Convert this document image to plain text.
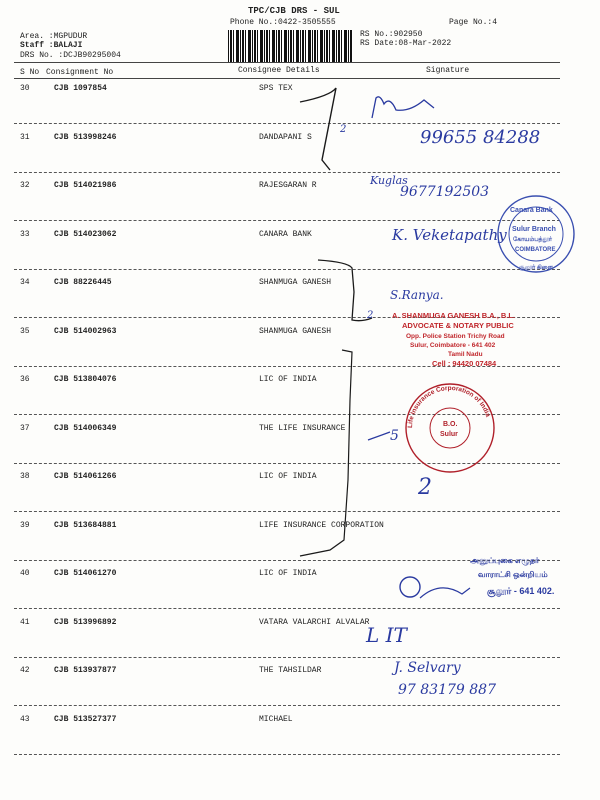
TPC/CJB DRS - SUL
Phone No.:0422-3505555	Page No.:4
Area. :MGPUDUR
Staff :BALAJI
DRS No. :DCJB90295004
RS No.:902950
RS Date:08-Mar-2022
S No Consignment No	Consignee Details	Signature
30	CJB 1097854	SPS TEX
31	CJB 513998246	DANDAPANI S
32	CJB 514021986	RAJESGARAN R
33	CJB 514023062	CANARA BANK
34	CJB 88226445	SHANMUGA GANESH
35	CJB 514002963	SHANMUGA GANESH
36	CJB 513804076	LIC OF INDIA
37	CJB 514006349	THE LIFE INSURANCE
38	CJB 514061266	LIC OF INDIA
39	CJB 513684881	LIFE INSURANCE CORPORATION
40	CJB 514061270	LIC OF INDIA
41	CJB 513996892	VATARA VALARCHI ALVALAR
42	CJB 513937877	THE TAHSILDAR
43	CJB 513527377	MICHAEL
2
2
99655 84288
Kuglas
9677192503
K. Veketapathy
Canara Bank
Sulur Branch
கோயம்பத்தூர்
COIMBATORE
சூலூர் கிளை
S.Ranya.
A. SHANMUGA GANESH B.A., B.L.
ADVOCATE & NOTARY PUBLIC
Opp. Police Station Trichy Road
Sulur, Coimbatore - 641 402
Tamil Nadu
Cell : 94420 07484
Life Insurance Corporation of India
B.O.
Sulur
5
2
அனுப்புகை எழுதர்
வாராட்சி ஒன்றியம்
சூலூர் - 641 402.
L IT
J. Selvary
97 83179 887
